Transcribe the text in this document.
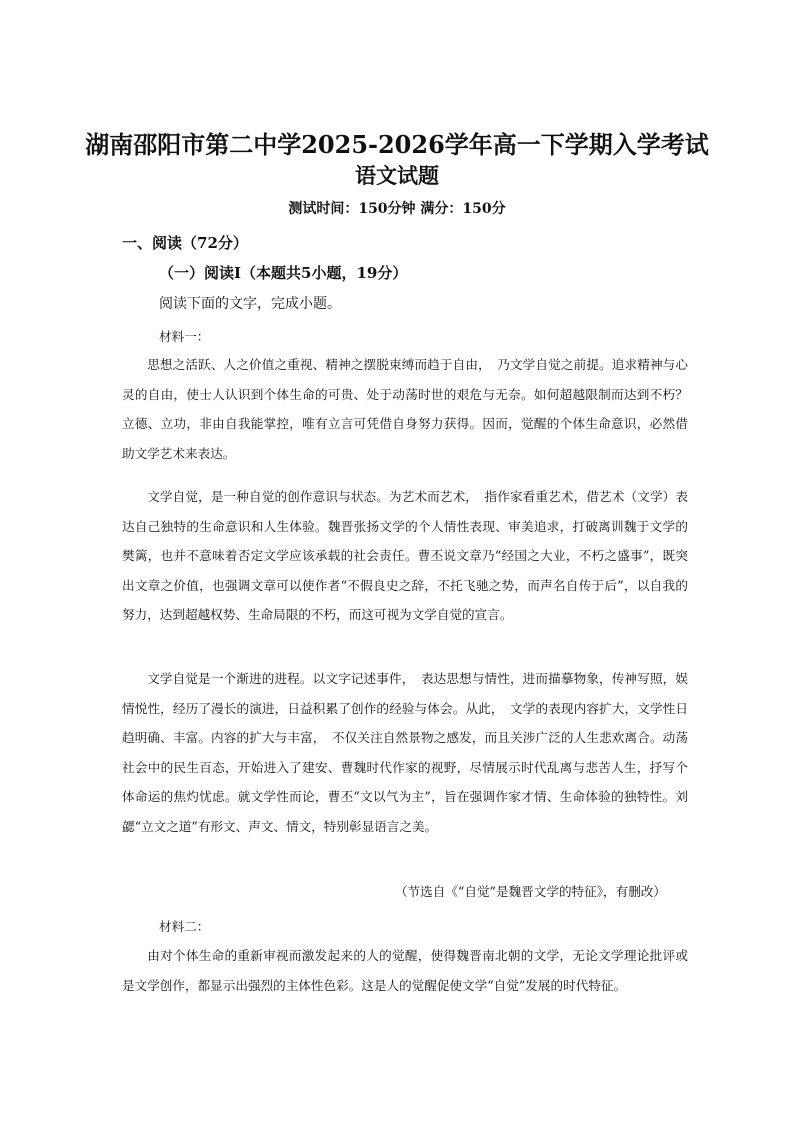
湖南邵阳市第二中学2025-2026学年高一下学期入学考试
语文试题
测试时间：150分钟 满分：150分
一、阅读（72分）
（一）阅读I（本题共5小题，19分）
阅读下面的文字，完成小题。
材料一：

思想之活跃、人之价值之重视、精神之摆脱束缚而趋于自由，　乃文学自觉之前提。追求精神与心灵的自由，使士人认识到个体生命的可贵、处于动荡时世的艰危与无奈。如何超越限制而达到不朽？立德、立功，非由自我能掌控，唯有立言可凭借自身努力获得。因而，觉醒的个体生命意识，必然借助文学艺术来表达。

文学自觉，是一种自觉的创作意识与状态。为艺术而艺术，　指作家看重艺术，借艺术（文学）表达自己独特的生命意识和人生体验。魏晋张扬文学的个人情性表现、审美追求，打破离训魏于文学的樊篱，也并不意味着否定文学应该承载的社会责任。曹丕说文章乃“经国之大业，不朽之盛事”，既突出文章之价值，也强调文章可以使作者“不假良史之辞，不托飞驰之势，而声名自传于后”，以自我的努力，达到超越权势、生命局限的不朽，而这可视为文学自觉的宣言。

文学自觉是一个渐进的进程。以文字记述事件，　表达思想与情性，进而描摹物象，传神写照，娱情悦性，经历了漫长的演进，日益积累了创作的经验与体会。从此，　文学的表现内容扩大，文学性日趋明确、丰富。内容的扩大与丰富，　不仅关注自然景物之感发，而且关涉广泛的人生悲欢离合。动荡社会中的民生百态，开始进入了建安、曹魏时代作家的视野，尽情展示时代乱离与悲苦人生，抒写个体命运的焦灼忧虑。就文学性而论，曹丕“文以气为主”，旨在强调作家才情、生命体验的独特性。刘勰“立文之道”有形文、声文、情文，特别彰显语言之美。

（节选自《“自觉”是魏晋文学的特征》，有删改）
材料二：

由对个体生命的重新审视而激发起来的人的觉醒，使得魏晋南北朝的文学，无论文学理论批评或是文学创作，都显示出强烈的主体性色彩。这是人的觉醒促使文学“自觉”发展的时代特征。
